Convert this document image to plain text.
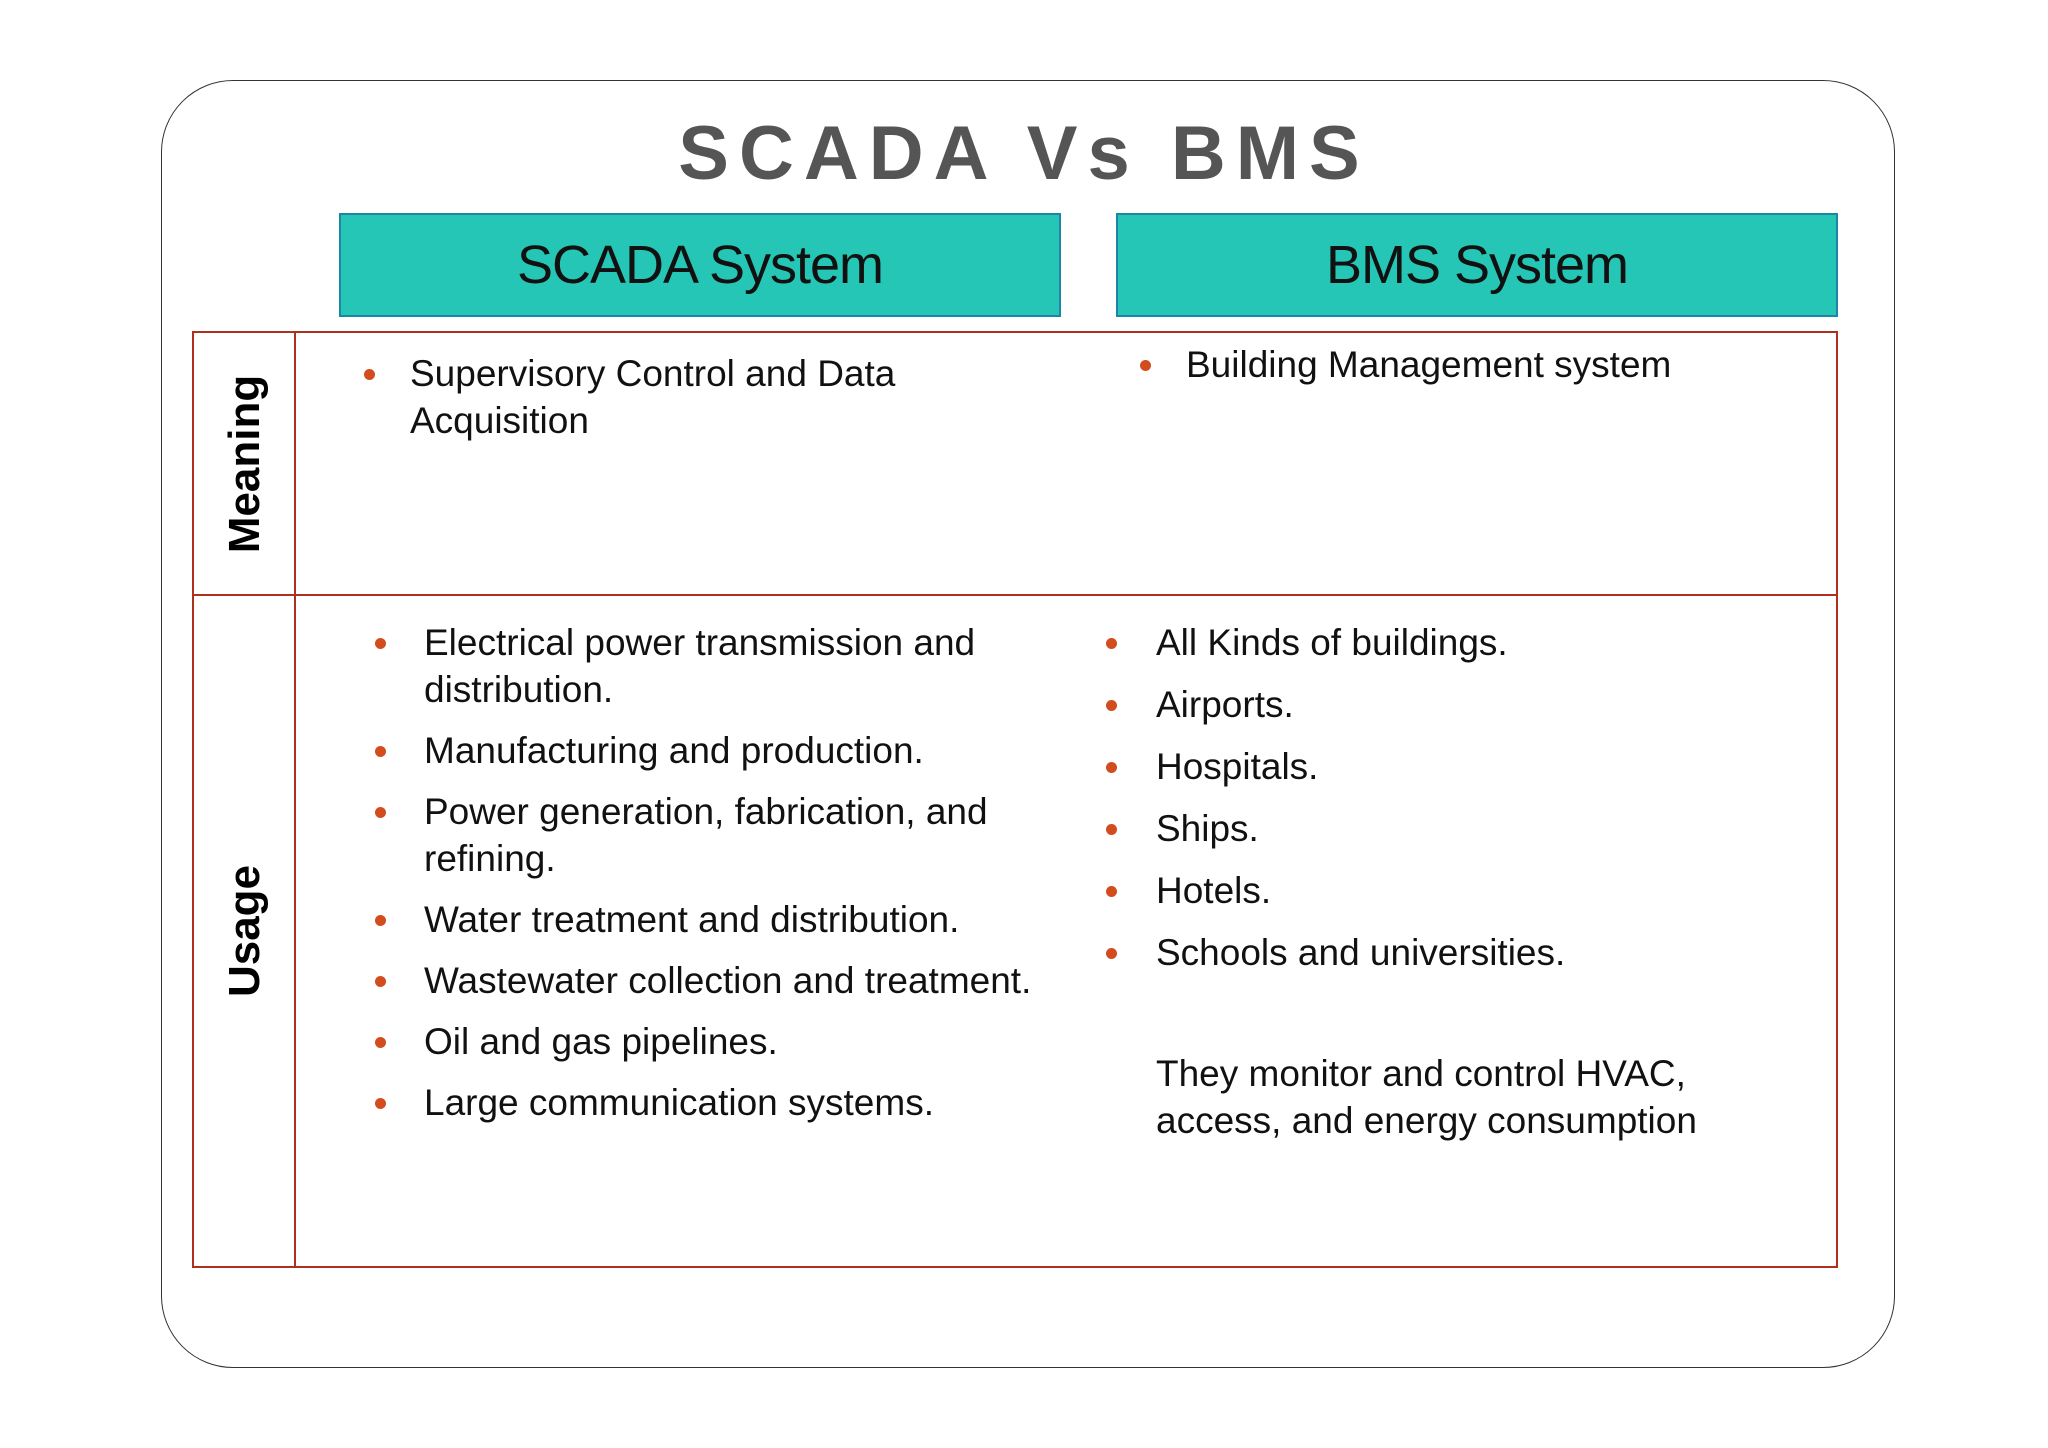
SCADA Vs BMS
SCADA System	BMS System
Meaning
Usage
Supervisory Control and Data Acquisition
Building Management system
Electrical power transmission and distribution.
Manufacturing and production.
Power generation, fabrication, and refining.
Water treatment and distribution.
Wastewater collection and treatment.
Oil and gas pipelines.
Large communication systems.
All Kinds of buildings.
Airports.
Hospitals.
Ships.
Hotels.
Schools and universities.
They monitor and control HVAC, access, and energy consumption
